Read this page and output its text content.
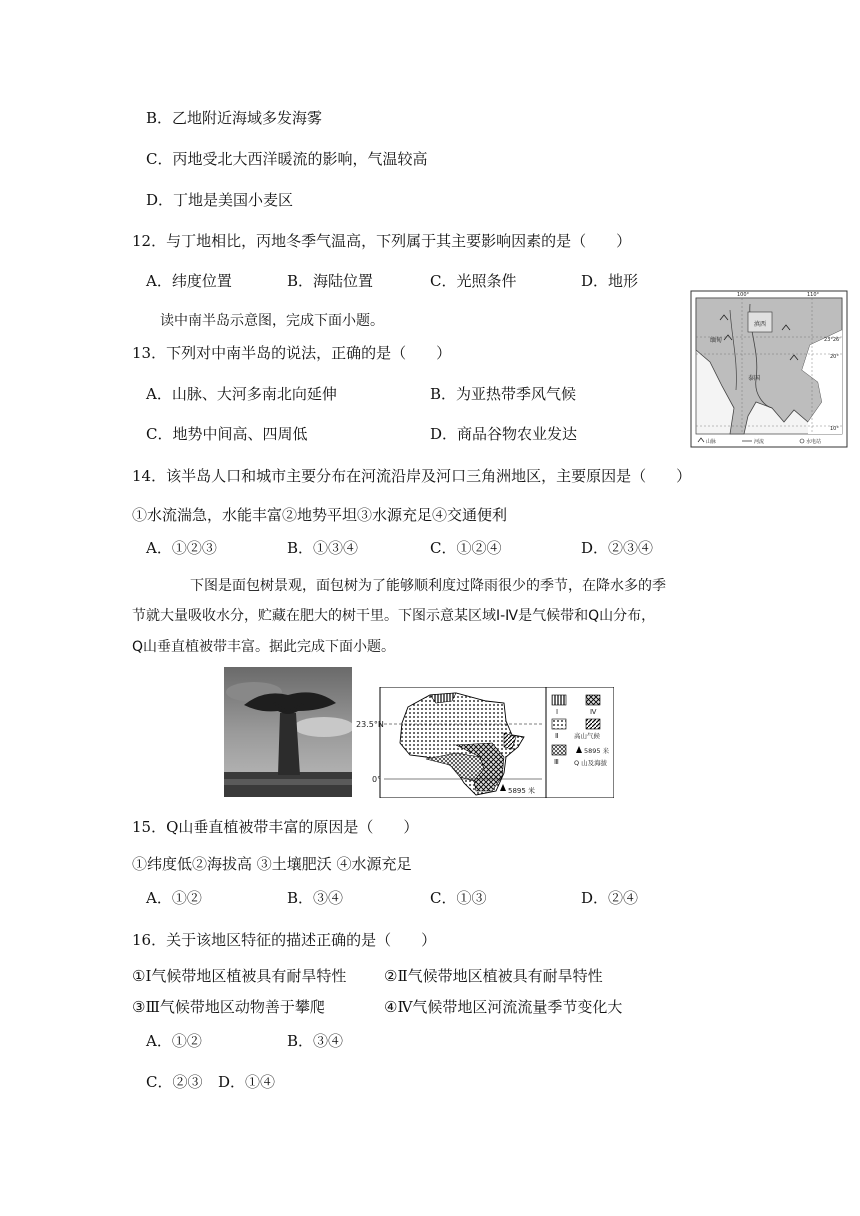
B．乙地附近海域多发海雾
C．丙地受北大西洋暖流的影响，气温较高
D．丁地是美国小麦区
12．与丁地相比，丙地冬季气温高，下列属于其主要影响因素的是（　　）
A．纬度位置	B．海陆位置	C．光照条件	D．地形
读中南半岛示意图，完成下面小题。
13．下列对中南半岛的说法，正确的是（　　）
A．山脉、大河多南北向延伸	B．为亚热带季风气候
C．地势中间高、四周低	D．商品谷物农业发达
滇西
缅甸
泰国
100°	110°
23°26'
20°
10°
山脉	河流	水电站
14．该半岛人口和城市主要分布在河流沿岸及河口三角洲地区，主要原因是（　　）
①水流湍急，水能丰富②地势平坦③水源充足④交通便利
A．①②③	B．①③④	C．①②④	D．②③④
下图是面包树景观，面包树为了能够顺利度过降雨很少的季节，在降水多的季
节就大量吸收水分，贮藏在肥大的树干里。下图示意某区域Ⅰ-Ⅳ是气候带和Q山分布，
Q山垂直植被带丰富。据此完成下面小题。
23.5°N
0°
5895 米
Ⅰ	Ⅳ
Ⅱ 高山气候
Ⅲ
5895 米
Q 山及海拔
15．Q山垂直植被带丰富的原因是（　　）
①纬度低②海拔高 ③土壤肥沃 ④水源充足
A．①②	B．③④	C．①③	D．②④
16．关于该地区特征的描述正确的是（　　）
①Ⅰ气候带地区植被具有耐旱特性	②Ⅱ气候带地区植被具有耐旱特性
③Ⅲ气候带地区动物善于攀爬	④Ⅳ气候带地区河流流量季节变化大
A．①②	B．③④
C．②③ D．①④
